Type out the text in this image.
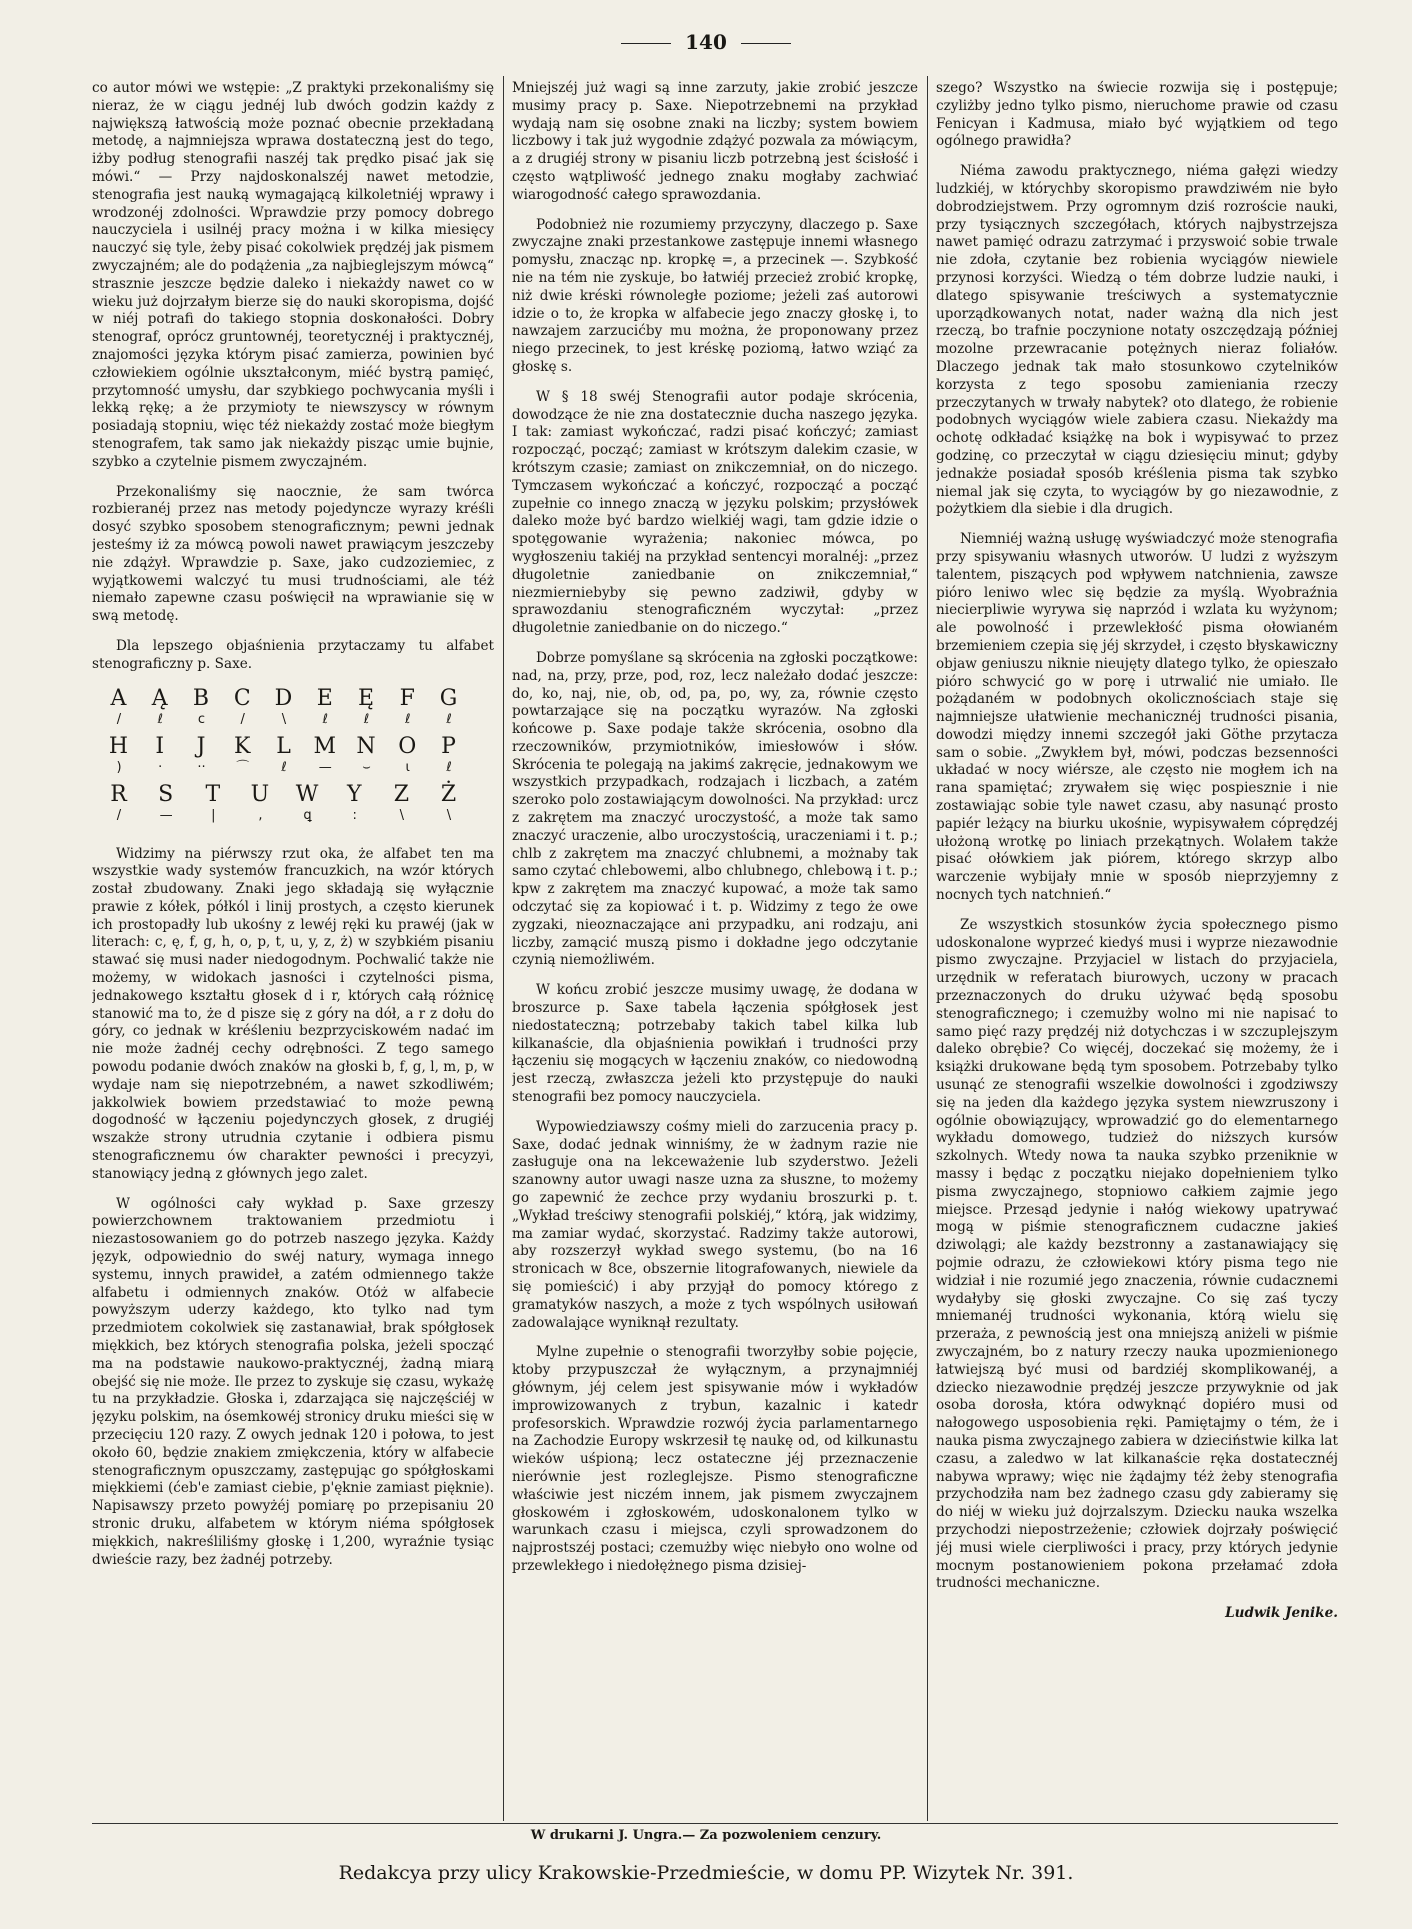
140

co autor mówi we wstępie: „Z praktyki przekonaliśmy się nieraz, że w ciągu jednéj lub dwóch godzin każdy z największą łatwością może poznać obecnie przekładaną metodę, a najmniejsza wprawa dostateczną jest do tego, iżby podług stenografii naszéj tak prędko pisać jak się mówi.“ — Przy najdoskonalszéj nawet metodzie, stenografia jest nauką wymagającą kilkoletniéj wprawy i wrodzonéj zdolności. Wprawdzie przy pomocy dobrego nauczyciela i usilnéj pracy można i w kilka miesięcy nauczyć się tyle, żeby pisać cokolwiek prędzéj jak pismem zwyczajném; ale do podążenia „za najbieglejszym mówcą“ strasznie jeszcze będzie daleko i niekażdy nawet co w wieku już dojrzałym bierze się do nauki skoropisma, dojść w niéj potrafi do takiego stopnia doskonałości. Dobry stenograf, oprócz gruntownéj, teoretycznéj i praktycznéj, znajomości języka którym pisać zamierza, powinien być człowiekiem ogólnie ukształconym, miéć bystrą pamięć, przytomność umysłu, dar szybkiego pochwycania myśli i lekką rękę; a że przymioty te niewszyscy w równym posiadają stopniu, więc téż niekażdy zostać może biegłym stenografem, tak samo jak niekażdy pisząc umie bujnie, szybko a czytelnie pismem zwyczajném.

Przekonaliśmy się naocznie, że sam twórca rozbieranéj przez nas metody pojedyncze wyrazy kréśli dosyć szybko sposobem stenograficznym; pewni jednak jesteśmy iż za mówcą powoli nawet prawiącym jeszczeby nie zdążył. Wprawdzie p. Saxe, jako cudzoziemiec, z wyjątkowemi walczyć tu musi trudnościami, ale téż niemało zapewne czasu poświęcił na wprawianie się w swą metodę.

Dla lepszego objaśnienia przytaczamy tu alfabet stenograficzny p. Saxe.

A
/
Ą
ℓ
B
c
C
/
D
\
E
ℓ
Ę
ℓ
F
ℓ
G
ℓ
H
)
I
·
J
··
K
⌒
L
ℓ
M
—
N
⌣
O
ɩ
P
ℓ
R
/
S
—
T
|
U
,
W
ꝗ
Y
:
Z
\
Ż
\

Widzimy na piérwszy rzut oka, że alfabet ten ma wszystkie wady systemów francuzkich, na wzór których został zbudowany. Znaki jego składają się wyłącznie prawie z kółek, półkól i linij prostych, a często kierunek ich prostopadły lub ukośny z lewéj ręki ku prawéj (jak w literach: c, ę, f, g, h, o, p, t, u, y, z, ż) w szybkiém pisaniu stawać się musi nader niedogodnym. Pochwalić także nie możemy, w widokach jasności i czytelności pisma, jednakowego kształtu głosek d i r, których całą różnicę stanowić ma to, że d pisze się z góry na dół, a r z dołu do góry, co jednak w kréśleniu bezprzyciskowém nadać im nie może żadnéj cechy odrębności. Z tego samego powodu podanie dwóch znaków na głoski b, f, g, l, m, p, w wydaje nam się niepotrzebném, a nawet szkodliwém; jakkolwiek bowiem przedstawiać to może pewną dogodność w łączeniu pojedynczych głosek, z drugiéj wszakże strony utrudnia czytanie i odbiera pismu stenograficznemu ów charakter pewności i precyzyi, stanowiący jedną z głównych jego zalet.

W ogólności cały wykład p. Saxe grzeszy powierzchownem traktowaniem przedmiotu i niezastosowaniem go do potrzeb naszego języka. Każdy język, odpowiednio do swéj natury, wymaga innego systemu, innych prawideł, a zatém odmiennego także alfabetu i odmiennych znaków. Otóż w alfabecie powyższym uderzy każdego, kto tylko nad tym przedmiotem cokolwiek się zastanawiał, brak spółgłosek miękkich, bez których stenografia polska, jeżeli spocząć ma na podstawie naukowo-praktycznéj, żadną miarą obejść się nie może. Ile przez to zyskuje się czasu, wykażę tu na przykładzie. Głoska i, zdarzająca się najczęściéj w języku polskim, na ósemkowéj stronicy druku mieści się w przecięciu 120 razy. Z owych jednak 120 i połowa, to jest około 60, będzie znakiem zmiękczenia, który w alfabecie stenograficznym opuszczamy, zastępując go spółgłoskami miękkiemi (ćeb'e zamiast ciebie, p'ęknie zamiast pięknie). Napisawszy przeto powyżéj pomiarę po przepisaniu 20 stronic druku, alfabetem w którym niéma spółgłosek miękkich, nakreśliliśmy głoskę i 1,200, wyraźnie tysiąc dwieście razy, bez żadnéj potrzeby.

Mniejszéj już wagi są inne zarzuty, jakie zrobić jeszcze musimy pracy p. Saxe. Niepotrzebnemi na przykład wydają nam się osobne znaki na liczby; system bowiem liczbowy i tak już wygodnie zdążyć pozwala za mówiącym, a z drugiéj strony w pisaniu liczb potrzebną jest ścisłość i często wątpliwość jednego znaku mogłaby zachwiać wiarogodność całego sprawozdania.

Podobnież nie rozumiemy przyczyny, dlaczego p. Saxe zwyczajne znaki przestankowe zastępuje innemi własnego pomysłu, znacząc np. kropkę =, a przecinek —. Szybkość nie na tém nie zyskuje, bo łatwiéj przecież zrobić kropkę, niż dwie kréski równoległe poziome; jeżeli zaś autorowi idzie o to, że kropka w alfabecie jego znaczy głoskę i, to nawzajem zarzucićby mu można, że proponowany przez niego przecinek, to jest kréskę poziomą, łatwo wziąć za głoskę s.

W § 18 swéj Stenografii autor podaje skrócenia, dowodzące że nie zna dostatecznie ducha naszego języka. I tak: zamiast wykończać, radzi pisać kończyć; zamiast rozpocząć, począć; zamiast w krótszym dalekim czasie, w krótszym czasie; zamiast on znikczemniał, on do niczego. Tymczasem wykończać a kończyć, rozpocząć a począć zupełnie co innego znaczą w języku polskim; przysłówek daleko może być bardzo wielkiéj wagi, tam gdzie idzie o spotęgowanie wyrażenia; nakoniec mówca, po wygłoszeniu takiéj na przykład sentencyi moralnéj: „przez długoletnie zaniedbanie on znikczemniał,“ niezmierniebyby się pewno zadziwił, gdyby w sprawozdaniu stenograficzném wyczytał: „przez długoletnie zaniedbanie on do niczego.“

Dobrze pomyślane są skrócenia na zgłoski początkowe: nad, na, przy, prze, pod, roz, lecz należało dodać jeszcze: do, ko, naj, nie, ob, od, pa, po, wy, za, równie często powtarzające się na początku wyrazów. Na zgłoski końcowe p. Saxe podaje także skrócenia, osobno dla rzeczowników, przymiotników, imiesłowów i słów. Skrócenia te polegają na jakimś zakręcie, jednakowym we wszystkich przypadkach, rodzajach i liczbach, a zatém szeroko polo zostawiającym dowolności. Na przykład: urcz z zakrętem ma znaczyć uroczystość, a może tak samo znaczyć uraczenie, albo uroczystością, uraczeniami i t. p.; chlb z zakrętem ma znaczyć chlubnemi, a możnaby tak samo czytać chlebowemi, albo chlubnego, chlebową i t. p.; kpw z zakrętem ma znaczyć kupować, a może tak samo odczytać się za kopiować i t. p. Widzimy z tego że owe zygzaki, nieoznaczające ani przypadku, ani rodzaju, ani liczby, zamącić muszą pismo i dokładne jego odczytanie czynią niemożliwém.

W końcu zrobić jeszcze musimy uwagę, że dodana w broszurce p. Saxe tabela łączenia spółgłosek jest niedostateczną; potrzebaby takich tabel kilka lub kilkanaście, dla objaśnienia powikłań i trudności przy łączeniu się mogących w łączeniu znaków, co niedowodną jest rzeczą, zwłaszcza jeżeli kto przystępuje do nauki stenografii bez pomocy nauczyciela.

Wypowiedziawszy cośmy mieli do zarzucenia pracy p. Saxe, dodać jednak winniśmy, że w żadnym razie nie zasługuje ona na lekceważenie lub szyderstwo. Jeżeli szanowny autor uwagi nasze uzna za słuszne, to możemy go zapewnić że zechce przy wydaniu broszurki p. t. „Wykład treściwy stenografii polskiéj,“ którą, jak widzimy, ma zamiar wydać, skorzystać. Radzimy także autorowi, aby rozszerzył wykład swego systemu, (bo na 16 stronicach w 8ce, obszernie litografowanych, niewiele da się pomieścić) i aby przyjął do pomocy którego z gramatyków naszych, a może z tych wspólnych usiłowań zadowalające wyniknął rezultaty.

Mylne zupełnie o stenografii tworzyłby sobie pojęcie, ktoby przypuszczał że wyłącznym, a przynajmniéj głównym, jéj celem jest spisywanie mów i wykładów improwizowanych z trybun, kazalnic i katedr profesorskich. Wprawdzie rozwój życia parlamentarnego na Zachodzie Europy wskrzesił tę naukę od, od kilkunastu wieków uśpioną; lecz ostateczne jéj przeznaczenie nierównie jest rozleglejsze. Pismo stenograficzne właściwie jest niczém innem, jak pismem zwyczajnem głoskowém i zgłoskowém, udoskonalonem tylko w warunkach czasu i miejsca, czyli sprowadzonem do najprostszéj postaci; czemużby więc niebyło ono wolne od przewlekłego i niedołężnego pisma dzisiej-

szego? Wszystko na świecie rozwija się i postępuje; czyliżby jedno tylko pismo, nieruchome prawie od czasu Fenicyan i Kadmusa, miało być wyjątkiem od tego ogólnego prawidła?

Niéma zawodu praktycznego, niéma gałęzi wiedzy ludzkiéj, w którychby skoropismo prawdziwém nie było dobrodziejstwem. Przy ogromnym dziś rozroście nauki, przy tysiącznych szczegółach, których najbystrzejsza nawet pamięć odrazu zatrzymać i przyswoić sobie trwale nie zdoła, czytanie bez robienia wyciągów niewiele przynosi korzyści. Wiedzą o tém dobrze ludzie nauki, i dlatego spisywanie treściwych a systematycznie uporządkowanych notat, nader ważną dla nich jest rzeczą, bo trafnie poczynione notaty oszczędzają później mozolne przewracanie potężnych nieraz foliałów. Dlaczego jednak tak mało stosunkowo czytelników korzysta z tego sposobu zamieniania rzeczy przeczytanych w trwały nabytek? oto dlatego, że robienie podobnych wyciągów wiele zabiera czasu. Niekażdy ma ochotę odkładać książkę na bok i wypisywać to przez godzinę, co przeczytał w ciągu dziesięciu minut; gdyby jednakże posiadał sposób kréślenia pisma tak szybko niemal jak się czyta, to wyciągów by go niezawodnie, z pożytkiem dla siebie i dla drugich.

Niemniéj ważną usługę wyświadczyć może stenografia przy spisywaniu własnych utworów. U ludzi z wyższym talentem, piszących pod wpływem natchnienia, zawsze pióro leniwo wlec się będzie za myślą. Wyobraźnia niecierpliwie wyrywa się naprzód i wzlata ku wyżynom; ale powolność i przewlekłość pisma ołowianém brzemieniem czepia się jéj skrzydeł, i często błyskawiczny objaw geniuszu niknie nieujęty dlatego tylko, że opieszało pióro schwycić go w porę i utrwalić nie umiało. Ile pożądaném w podobnych okolicznościach staje się najmniejsze ułatwienie mechanicznéj trudności pisania, dowodzi między innemi szczegół jaki Göthe przytacza sam o sobie. „Zwykłem był, mówi, podczas bezsenności układać w nocy wiérsze, ale często nie mogłem ich na rana spamiętać; zrywałem się więc pospiesznie i nie zostawiając sobie tyle nawet czasu, aby nasunąć prosto papiér leżący na biurku ukośnie, wypisywałem cóprędzéj ułożoną wrotkę po liniach przekątnych. Wolałem także pisać ołówkiem jak piórem, którego skrzyp albo warczenie wybijały mnie w sposób nieprzyjemny z nocnych tych natchnień.“

Ze wszystkich stosunków życia społecznego pismo udoskonalone wyprzeć kiedyś musi i wyprze niezawodnie pismo zwyczajne. Przyjaciel w listach do przyjaciela, urzędnik w referatach biurowych, uczony w pracach przeznaczonych do druku używać będą sposobu stenograficznego; i czemużby wolno mi nie napisać to samo pięć razy prędzéj niż dotychczas i w szczuplejszym daleko obrębie? Co więcéj, doczekać się możemy, że i książki drukowane będą tym sposobem. Potrzebaby tylko usunąć ze stenografii wszelkie dowolności i zgodziwszy się na jeden dla każdego języka system niewzruszony i ogólnie obowiązujący, wprowadzić go do elementarnego wykładu domowego, tudzież do niższych kursów szkolnych. Wtedy nowa ta nauka szybko przeniknie w massy i będąc z początku niejako dopełnieniem tylko pisma zwyczajnego, stopniowo całkiem zajmie jego miejsce. Przesąd jedynie i nałóg wiekowy upatrywać mogą w piśmie stenograficznem cudaczne jakieś dziwolągi; ale każdy bezstronny a zastanawiający się pojmie odrazu, że człowiekowi który pisma tego nie widział i nie rozumié jego znaczenia, równie cudacznemi wydałyby się głoski zwyczajne. Co się zaś tyczy mniemanéj trudności wykonania, którą wielu się przeraża, z pewnością jest ona mniejszą aniżeli w piśmie zwyczajném, bo z natury rzeczy nauka upozmienionego łatwiejszą być musi od bardziéj skomplikowanéj, a dziecko niezawodnie prędzéj jeszcze przywyknie od jak osoba dorosła, która odwyknąć dopiéro musi od nałogowego usposobienia ręki. Pamiętajmy o tém, że i nauka pisma zwyczajnego zabiera w dzieciństwie kilka lat czasu, a zaledwo w lat kilkanaście ręka dostatecznéj nabywa wprawy; więc nie żądajmy téż żeby stenografia przychodziła nam bez żadnego czasu gdy zabieramy się do niéj w wieku już dojrzalszym. Dziecku nauka wszelka przychodzi niepostrzeżenie; człowiek dojrzały poświęcić jéj musi wiele cierpliwości i pracy, przy których jedynie mocnym postanowieniem pokona przełamać zdoła trudności mechaniczne.

Ludwik Jenike.

W drukarni J. Ungra.— Za pozwoleniem cenzury.
Redakcya przy ulicy Krakowskie-Przedmieście, w domu PP. Wizytek Nr. 391.
